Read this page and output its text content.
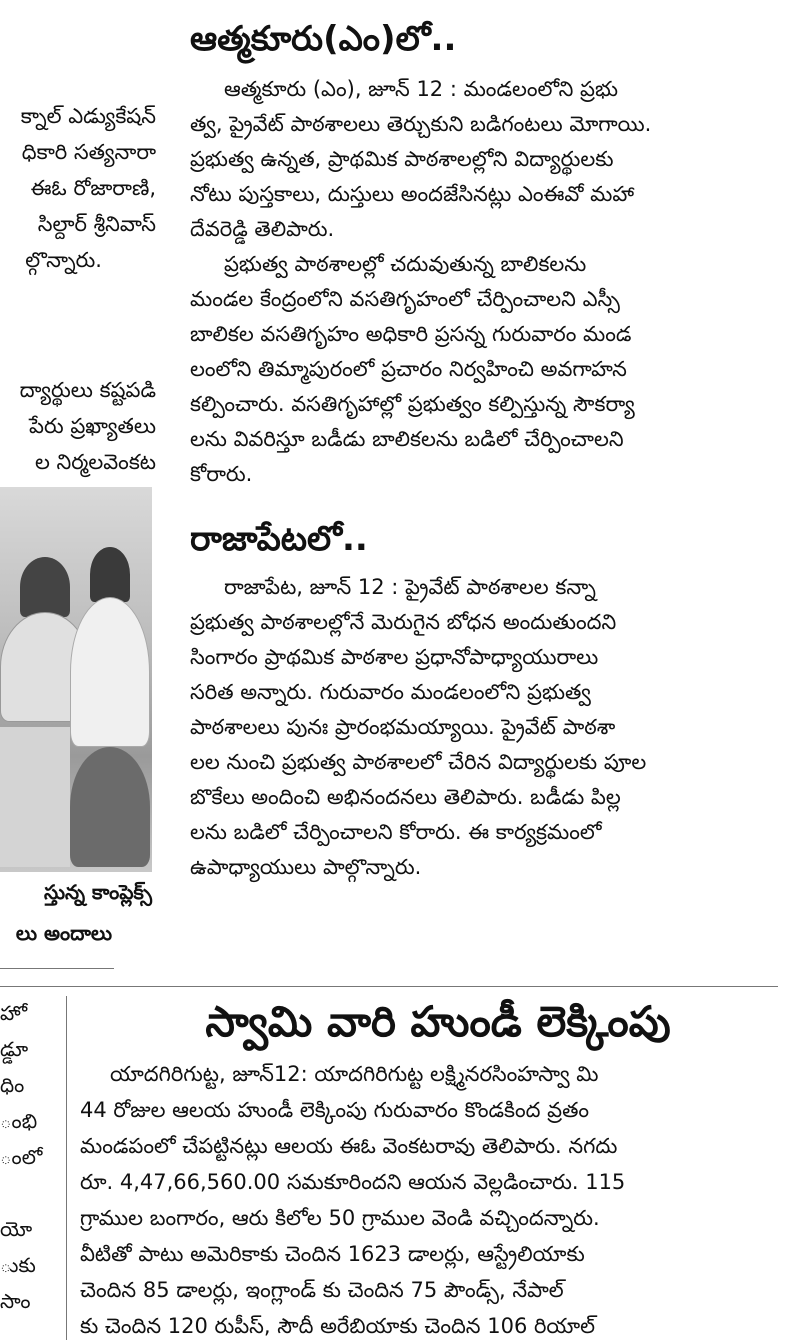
క్నాల్ ఎడ్యుకేషన్

ధికారి సత్యనారా

ఈఓ రోజారాణి,

సిల్దార్ శ్రీనివాస్

ల్గొన్నారు.

ద్యార్థులు కష్టపడి

పేరు ప్రఖ్యాతలు

ల నిర్మలవెంకట

స్తున్న కాంప్లెక్స్
లు అందాలు
ఆత్మకూరు(ఎం)లో..
ఆత్మకూరు (ఎం), జూన్ 12 : మండలంలోని ప్రభు
త్వ, ప్రైవేట్ పాఠశాలలు తెర్చుకుని బడిగంటలు మోగాయి.
ప్రభుత్వ ఉన్నత, ప్రాథమిక పాఠశాలల్లోని విద్యార్థులకు
నోటు పుస్తకాలు, దుస్తులు అందజేసినట్లు ఎంఈవో మహా
దేవరెడ్డి తెలిపారు.
ప్రభుత్వ పాఠశాలల్లో చదువుతున్న బాలికలను
మండల కేంద్రంలోని వసతిగృహంలో చేర్పించాలని ఎస్సీ
బాలికల వసతిగృహం అధికారి ప్రసన్న గురువారం మండ
లంలోని తిమ్మాపురంలో ప్రచారం నిర్వహించి అవగాహన
కల్పించారు. వసతిగృహాల్లో ప్రభుత్వం కల్పిస్తున్న సౌకర్యా
లను వివరిస్తూ బడీడు బాలికలను బడిలో చేర్పించాలని
కోరారు.
రాజాపేటలో..
రాజాపేట, జూన్ 12 : ప్రైవేట్ పాఠశాలల కన్నా
ప్రభుత్వ పాఠశాలల్లోనే మెరుగైన బోధన అందుతుందని
సింగారం ప్రాథమిక పాఠశాల ప్రధానోపాధ్యాయురాలు
సరిత అన్నారు. గురువారం మండలంలోని ప్రభుత్వ
పాఠశాలలు పునః ప్రారంభమయ్యాయి. ప్రైవేట్ పాఠశా
లల నుంచి ప్రభుత్వ పాఠశాలలో చేరిన విద్యార్థులకు పూల
బొకేలు అందించి అభినందనలు తెలిపారు. బడీడు పిల్ల
లను బడిలో చేర్పించాలని కోరారు. ఈ కార్యక్రమంలో
ఉపాధ్యాయులు పాల్గొన్నారు.

హో

డ్డూ

ధిం

ంభి

ంలో

యో

ుకు

సాం

స్వామి వారి హుండీ లెక్కింపు
యాదగిరిగుట్ట, జూన్12: యాదగిరిగుట్ట లక్ష్మినరసింహస్వా మి
44 రోజుల ఆలయ హుండీ లెక్కింపు గురువారం కొండకింద వ్రతం
మండపంలో చేపట్టినట్లు ఆలయ ఈఓ వెంకటరావు తెలిపారు. నగదు
రూ. 4,47,66,560.00 సమకూరిందని ఆయన వెల్లడించారు. 115
గ్రాముల బంగారం, ఆరు కిలోల 50 గ్రాముల వెండి వచ్చిందన్నారు.
వీటితో పాటు అమెరికాకు చెందిన 1623 డాలర్లు, ఆస్ట్రేలియాకు
చెందిన 85 డాలర్లు, ఇంగ్లాండ్ కు చెందిన 75 పౌండ్స్, నేపాల్
కు చెందిన 120 రుపీస్, సౌదీ అరేబియాకు చెందిన 106 రియాల్
